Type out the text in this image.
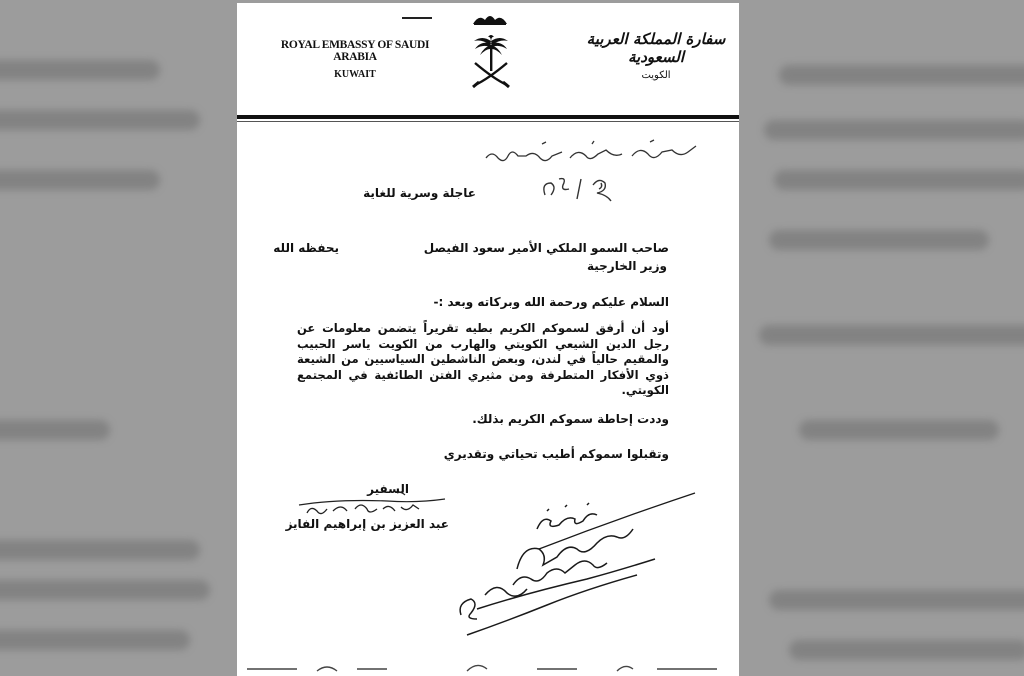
ROYAL EMBASSY OF SAUDI ARABIA
KUWAIT
سفارة المملكة العربية السعودية
الكويت
عاجلة وسرية للغاية
صاحب السمو الملكي الأمير سعود الفيصل
يحفظه الله
وزير الخارجية
السلام عليكم ورحمة الله وبركاته وبعد :-
أود أن أرفق لسموكم الكريم بطيه تقريراً يتضمن معلومات عن رجل الدين الشيعي الكويتي والهارب من الكويت ياسر الحبيب والمقيم حالياً في لندن، وبعض الناشطين السياسيين من الشيعة ذوي الأفكار المتطرفة ومن مثيري الفتن الطائفية في المجتمع الكويتي.
وددت إحاطة سموكم الكريم بذلك.
وتقبلوا سموكم أطيب تحياتي وتقديري
السفير
عبد العزيز بن إبراهيم الفايز
